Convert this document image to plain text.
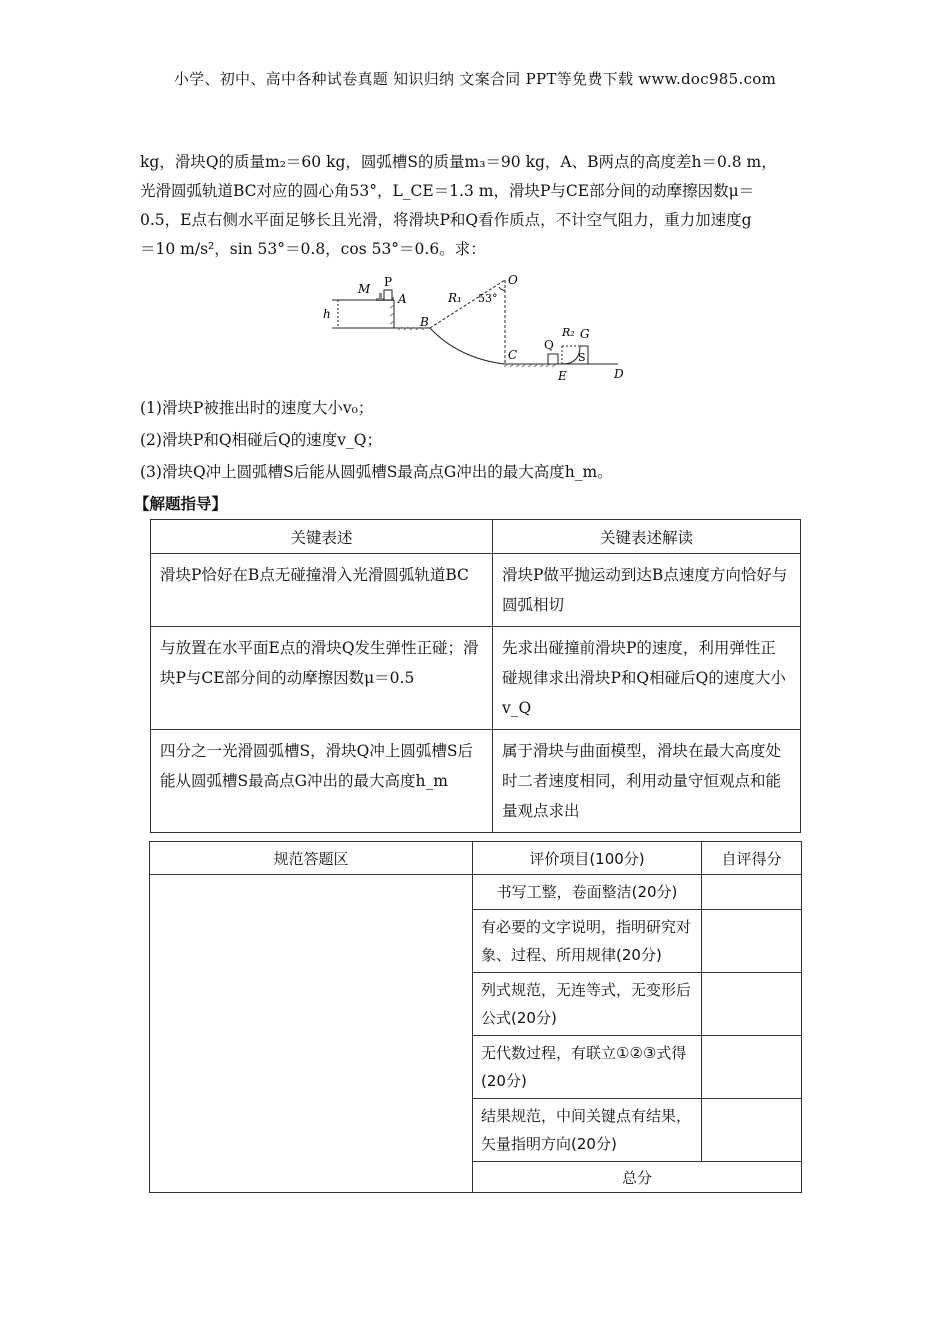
小学、初中、高中各种试卷真题 知识归纳 文案合同 PPT等免费下载 www.doc985.com
kg，滑块Q的质量m₂＝60 kg，圆弧槽S的质量m₃＝90 kg，A、B两点的高度差h＝0.8 m，
光滑圆弧轨道BC对应的圆心角53°，L_CE＝1.3 m，滑块P与CE部分间的动摩擦因数μ＝
0.5，E点右侧水平面足够长且光滑，将滑块P和Q看作质点，不计空气阻力，重力加速度g
＝10 m/s²，sin 53°＝0.8，cos 53°＝0.6。求：
M P
A
h
B
R₁ 53°
O
C
Q
R₂ G
S
E	D
(1)滑块P被推出时的速度大小v₀；
(2)滑块P和Q相碰后Q的速度v_Q；
(3)滑块Q冲上圆弧槽S后能从圆弧槽S最高点G冲出的最大高度h_m。
【解题指导】
关键表述	关键表述解读
滑块P恰好在B点无碰撞滑入光滑圆弧轨道BC	滑块P做平抛运动到达B点速度方向恰好与圆弧相切
与放置在水平面E点的滑块Q发生弹性正碰；滑块P与CE部分间的动摩擦因数μ＝0.5	先求出碰撞前滑块P的速度，利用弹性正碰规律求出滑块P和Q相碰后Q的速度大小v_Q
四分之一光滑圆弧槽S，滑块Q冲上圆弧槽S后能从圆弧槽S最高点G冲出的最大高度h_m	属于滑块与曲面模型，滑块在最大高度处时二者速度相同，利用动量守恒观点和能量观点求出
规范答题区	评价项目(100分)	自评得分
	书写工整，卷面整洁(20分)	
	有必要的文字说明，指明研究对象、过程、所用规律(20分)	
	列式规范，无连等式，无变形后公式(20分)	
	无代数过程，有联立①②③式得(20分)	
	结果规范，中间关键点有结果，矢量指明方向(20分)	
	总分	
